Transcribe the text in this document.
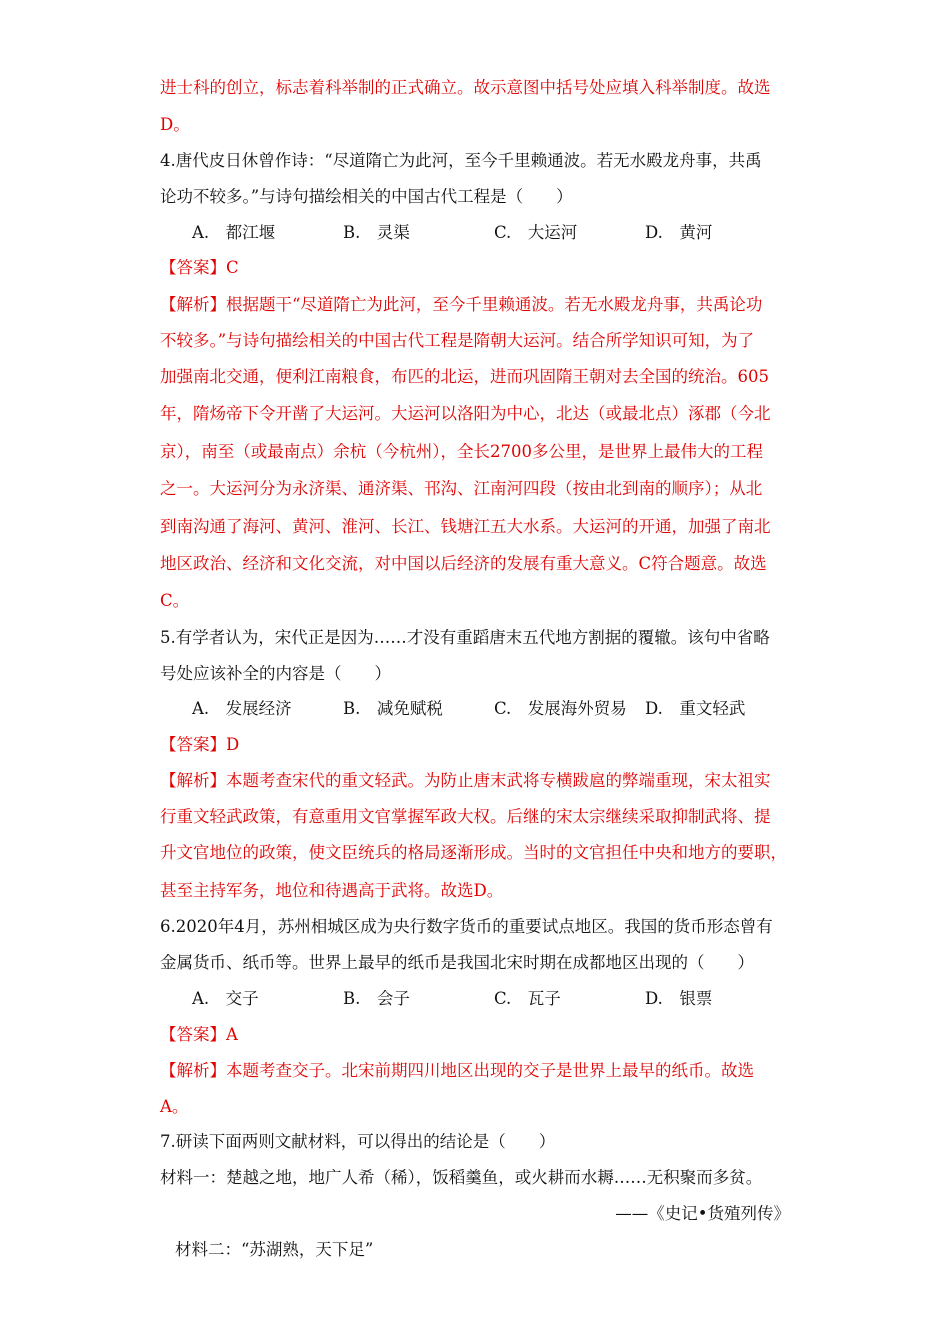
进士科的创立，标志着科举制的正式确立。故示意图中括号处应填入科举制度。故选
D。
4.唐代皮日休曾作诗：“尽道隋亡为此河，至今千里赖通波。若无水殿龙舟事，共禹
论功不较多。”与诗句描绘相关的中国古代工程是（　　）
【答案】C
【解析】根据题干“尽道隋亡为此河，至今千里赖通波。若无水殿龙舟事，共禹论功
不较多。”与诗句描绘相关的中国古代工程是隋朝大运河。结合所学知识可知，为了
加强南北交通，便利江南粮食，布匹的北运，进而巩固隋王朝对去全国的统治。605
年，隋炀帝下令开凿了大运河。大运河以洛阳为中心，北达（或最北点）涿郡（今北
京），南至（或最南点）余杭（今杭州），全长2700多公里，是世界上最伟大的工程
之一。大运河分为永济渠、通济渠、邗沟、江南河四段（按由北到南的顺序）；从北
到南沟通了海河、黄河、淮河、长江、钱塘江五大水系。大运河的开通，加强了南北
地区政治、经济和文化交流，对中国以后经济的发展有重大意义。C符合题意。故选
C。
5.有学者认为，宋代正是因为……才没有重蹈唐末五代地方割据的覆辙。该句中省略
号处应该补全的内容是（　　）
【答案】D
【解析】本题考查宋代的重文轻武。为防止唐末武将专横跋扈的弊端重现，宋太祖实
行重文轻武政策，有意重用文官掌握军政大权。后继的宋太宗继续采取抑制武将、提
升文官地位的政策，使文臣统兵的格局逐渐形成。当时的文官担任中央和地方的要职，
甚至主持军务，地位和待遇高于武将。故选D。
6.2020年4月，苏州相城区成为央行数字货币的重要试点地区。我国的货币形态曾有
金属货币、纸币等。世界上最早的纸币是我国北宋时期在成都地区出现的（　　）
【答案】A
【解析】本题考查交子。北宋前期四川地区出现的交子是世界上最早的纸币。故选
A。
7.研读下面两则文献材料，可以得出的结论是（　　）
材料一：楚越之地，地广人希（稀），饭稻羹鱼，或火耕而水耨……无积聚而多贫。
A.　都江堰	B.　灵渠	C.　大运河	D.　黄河
A.　发展经济	B.　减免赋税	C.　发展海外贸易 D.　重文轻武
A.　交子	B.　会子	C.　瓦子	D.　银票
——《史记•货殖列传》
材料二：“苏湖熟，天下足”
